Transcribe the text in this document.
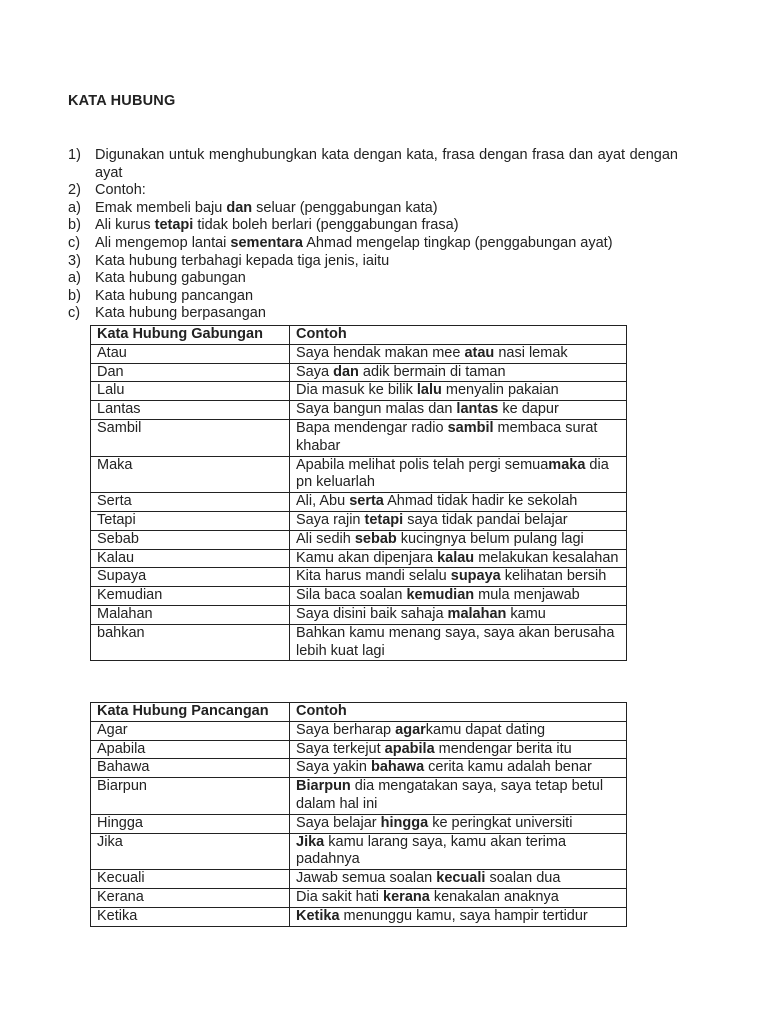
KATA HUBUNG
1) Digunakan untuk menghubungkan kata dengan kata, frasa dengan frasa dan ayat dengan ayat
2) Contoh:
a) Emak membeli baju dan seluar (penggabungan kata)
b) Ali kurus tetapi tidak boleh berlari (penggabungan frasa)
c)	Ali mengemop lantai sementara Ahmad mengelap tingkap (penggabungan ayat)
3) Kata hubung terbahagi kepada tiga jenis, iaitu
a) Kata hubung gabungan
b) Kata hubung pancangan
c)	Kata hubung berpasangan
Kata Hubung Gabungan	Contoh
Atau	Saya hendak makan mee atau nasi lemak
Dan	Saya dan adik bermain di taman
Lalu	Dia masuk ke bilik lalu menyalin pakaian
Lantas	Saya bangun malas dan lantas ke dapur
Sambil	Bapa mendengar radio sambil membaca surat khabar
Maka	Apabila melihat polis telah pergi semuamaka dia pn keluarlah
Serta	Ali, Abu serta Ahmad tidak hadir ke sekolah
Tetapi	Saya rajin tetapi saya tidak pandai belajar
Sebab	Ali sedih sebab kucingnya belum pulang lagi
Kalau	Kamu akan dipenjara kalau melakukan kesalahan
Supaya	Kita harus mandi selalu supaya kelihatan bersih
Kemudian	Sila baca soalan kemudian mula menjawab
Malahan	Saya disini baik sahaja malahan kamu
bahkan	Bahkan kamu menang saya, saya akan berusaha lebih kuat lagi
Kata Hubung Pancangan	Contoh
Agar	Saya berharap agarkamu dapat dating
Apabila	Saya terkejut apabila mendengar berita itu
Bahawa	Saya yakin bahawa cerita kamu adalah benar
Biarpun	Biarpun dia mengatakan saya, saya tetap betul dalam hal ini
Hingga	Saya belajar hingga ke peringkat universiti
Jika	Jika kamu larang saya, kamu akan terima padahnya
Kecuali	Jawab semua soalan kecuali soalan dua
Kerana	Dia sakit hati kerana kenakalan anaknya
Ketika	Ketika menunggu kamu, saya hampir tertidur
